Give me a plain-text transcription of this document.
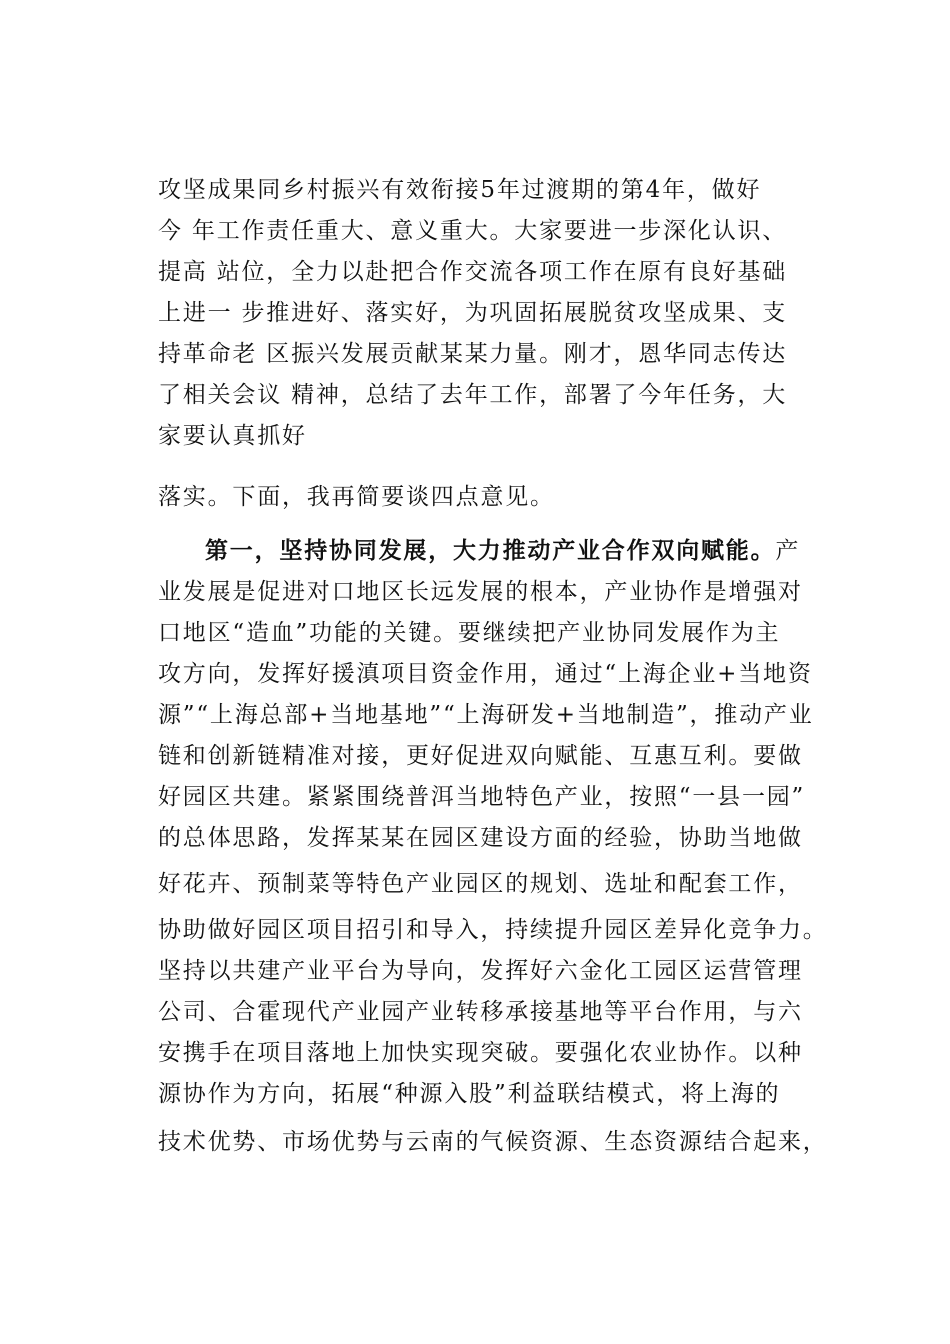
攻坚成果同乡村振兴有效衔接5年过渡期的第4年，做好
今 年工作责任重大、意义重大。大家要进一步深化认识、
提高 站位，全力以赴把合作交流各项工作在原有良好基础
上进一 步推进好、落实好，为巩固拓展脱贫攻坚成果、支
持革命老 区振兴发展贡献某某力量。刚才，恩华同志传达
了相关会议 精神，总结了去年工作，部署了今年任务，大
家要认真抓好
落实。下面，我再简要谈四点意见。
第一，坚持协同发展，大力推动产业合作双向赋能。产
业发展是促进对口地区长远发展的根本，产业协作是增强对
口地区“造血”功能的关键。要继续把产业协同发展作为主
攻方向，发挥好援滇项目资金作用，通过“上海企业+当地资
源”“上海总部+当地基地”“上海研发+当地制造”，推动产业
链和创新链精准对接，更好促进双向赋能、互惠互利。要做
好园区共建。紧紧围绕普洱当地特色产业，按照“一县一园”
的总体思路，发挥某某在园区建设方面的经验，协助当地做
好花卉、预制菜等特色产业园区的规划、选址和配套工作，
协助做好园区项目招引和导入，持续提升园区差异化竞争力。
坚持以共建产业平台为导向，发挥好六金化工园区运营管理
公司、合霍现代产业园产业转移承接基地等平台作用，与六
安携手在项目落地上加快实现突破。要强化农业协作。以种
源协作为方向，拓展“种源入股”利益联结模式，将上海的
技术优势、市场优势与云南的气候资源、生态资源结合起来，
